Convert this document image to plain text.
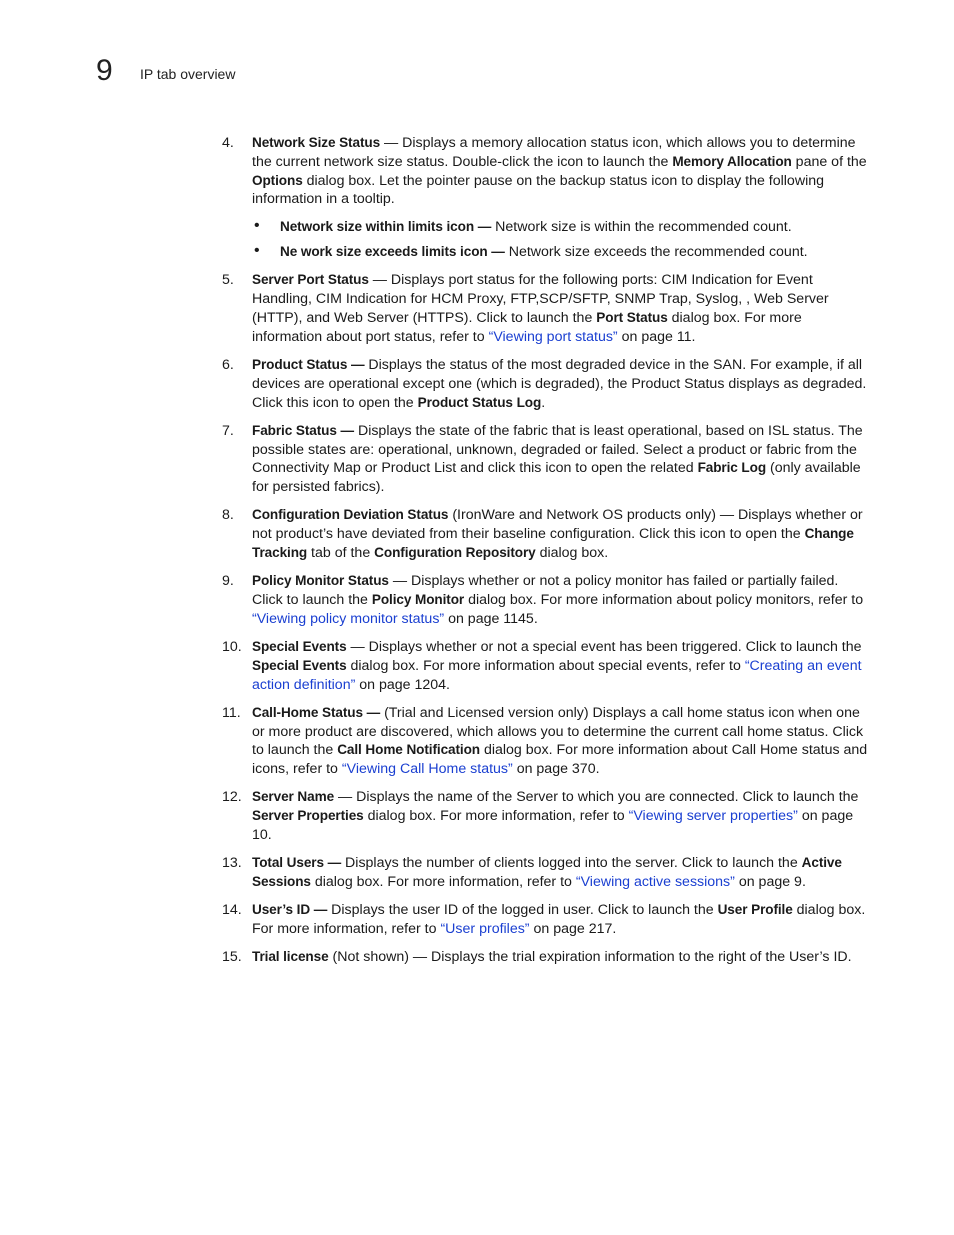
9 IP tab overview
4. Network Size Status — Displays a memory allocation status icon, which allows you to determine the current network size status. Double-click the icon to launch the Memory Allocation pane of the Options dialog box. Let the pointer pause on the backup status icon to display the following information in a tooltip.
• Network size within limits icon — Network size is within the recommended count.
• Ne work size exceeds limits icon — Network size exceeds the recommended count.
5. Server Port Status — Displays port status for the following ports: CIM Indication for Event Handling, CIM Indication for HCM Proxy, FTP,SCP/SFTP, SNMP Trap, Syslog, , Web Server (HTTP), and Web Server (HTTPS). Click to launch the Port Status dialog box. For more information about port status, refer to “Viewing port status” on page 11.
6. Product Status — Displays the status of the most degraded device in the SAN. For example, if all devices are operational except one (which is degraded), the Product Status displays as degraded. Click this icon to open the Product Status Log.
7. Fabric Status — Displays the state of the fabric that is least operational, based on ISL status. The possible states are: operational, unknown, degraded or failed. Select a product or fabric from the Connectivity Map or Product List and click this icon to open the related Fabric Log (only available for persisted fabrics).
8. Configuration Deviation Status (IronWare and Network OS products only) — Displays whether or not product’s have deviated from their baseline configuration. Click this icon to open the Change Tracking tab of the Configuration Repository dialog box.
9. Policy Monitor Status — Displays whether or not a policy monitor has failed or partially failed. Click to launch the Policy Monitor dialog box. For more information about policy monitors, refer to “Viewing policy monitor status” on page 1145.
10. Special Events — Displays whether or not a special event has been triggered. Click to launch the Special Events dialog box. For more information about special events, refer to “Creating an event action definition” on page 1204.
11. Call-Home Status — (Trial and Licensed version only) Displays a call home status icon when one or more product are discovered, which allows you to determine the current call home status. Click to launch the Call Home Notification dialog box. For more information about Call Home status and icons, refer to “Viewing Call Home status” on page 370.
12. Server Name — Displays the name of the Server to which you are connected. Click to launch the Server Properties dialog box. For more information, refer to “Viewing server properties” on page 10.
13. Total Users — Displays the number of clients logged into the server. Click to launch the Active Sessions dialog box. For more information, refer to “Viewing active sessions” on page 9.
14. User’s ID — Displays the user ID of the logged in user. Click to launch the User Profile dialog box. For more information, refer to “User profiles” on page 217.
15. Trial license (Not shown) — Displays the trial expiration information to the right of the User’s ID.
